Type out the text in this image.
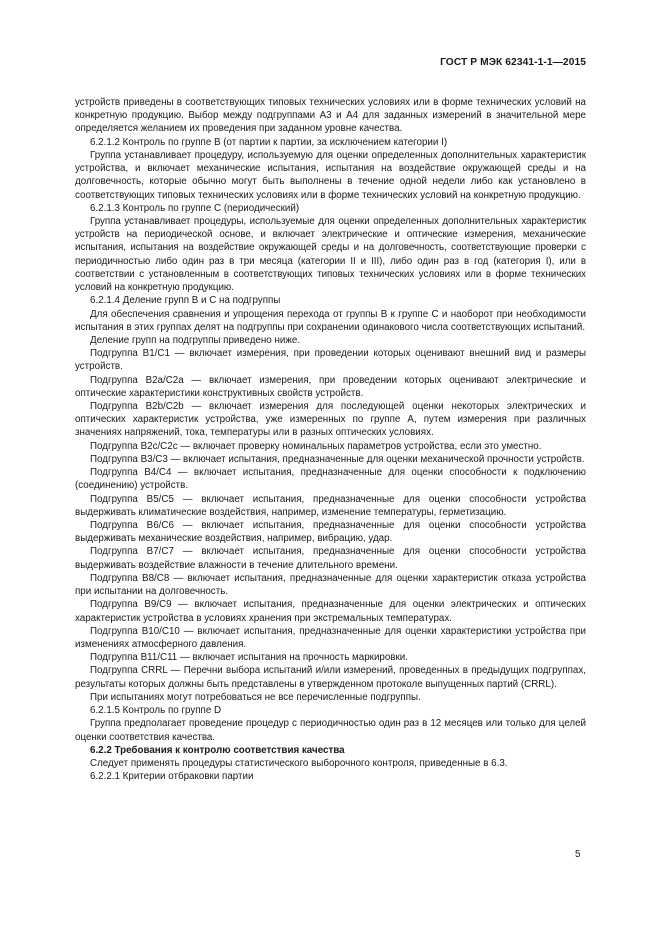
ГОСТ Р МЭК 62341-1-1—2015

устройств приведены в соответствующих типовых технических условиях или в форме технических условий на конкретную продукцию. Выбор между подгруппами А3 и А4 для заданных измерений в значительной мере определяется желанием их проведения при заданном уровне качества.

6.2.1.2 Контроль по группе В (от партии к партии, за исключением категории I)

Группа устанавливает процедуру, используемую для оценки определенных дополнительных характеристик устройства, и включает механические испытания, испытания на воздействие окружающей среды и на долговечность, которые обычно могут быть выполнены в течение одной недели либо как установлено в соответствующих типовых технических условиях или в форме технических условий на конкретную продукцию.

6.2.1.3 Контроль по группе С (периодический)

Группа устанавливает процедуры, используемые для оценки определенных дополнительных характеристик устройств на периодической основе, и включает электрические и оптические измерения, механические испытания, испытания на воздействие окружающей среды и на долговечность, соответствующие проверки с периодичностью либо один раз в три месяца (категории II и III), либо один раз в год (категория I), или в соответствии с установленным в соответствующих типовых технических условиях или в форме технических условий на конкретную продукцию.

6.2.1.4 Деление групп В и С на подгруппы

Для обеспечения сравнения и упрощения перехода от группы В к группе С и наоборот при необходимости испытания в этих группах делят на подгруппы при сохранении одинакового числа соответствующих испытаний.

Деление групп на подгруппы приведено ниже.

Подгруппа В1/С1 — включает измерения, при проведении которых оценивают внешний вид и размеры устройств.

Подгруппа В2а/С2а — включает измерения, при проведении которых оценивают электрические и оптические характеристики конструктивных свойств устройств.

Подгруппа В2b/С2b — включает измерения для последующей оценки некоторых электрических и оптических характеристик устройства, уже измеренных по группе А, путем измерения при различных значениях напряжений, тока, температуры или в разных оптических условиях.

Подгруппа В2с/С2с — включает проверку номинальных параметров устройства, если это уместно.

Подгруппа В3/С3 — включает испытания, предназначенные для оценки механической прочности устройств.

Подгруппа В4/С4 — включает испытания, предназначенные для оценки способности к подключению (соединению) устройств.

Подгруппа В5/С5 — включает испытания, предназначенные для оценки способности устройства выдерживать климатические воздействия, например, изменение температуры, герметизацию.

Подгруппа В6/С6 — включает испытания, предназначенные для оценки способности устройства выдерживать механические воздействия, например, вибрацию, удар.

Подгруппа В7/С7 — включает испытания, предназначенные для оценки способности устройства выдерживать воздействие влажности в течение длительного времени.

Подгруппа В8/С8 — включает испытания, предназначенные для оценки характеристик отказа устройства при испытании на долговечность.

Подгруппа В9/С9 — включает испытания, предназначенные для оценки электрических и оптических характеристик устройства в условиях хранения при экстремальных температурах.

Подгруппа В10/С10 — включает испытания, предназначенные для оценки характеристики устройства при изменениях атмосферного давления.

Подгруппа В11/С11 — включает испытания на прочность маркировки.

Подгруппа CRRL — Перечни выбора испытаний и/или измерений, проведенных в предыдущих подгруппах, результаты которых должны быть представлены в утвержденном протоколе выпущенных партий (CRRL).

При испытаниях могут потребоваться не все перечисленные подгруппы.

6.2.1.5 Контроль по группе D

Группа предполагает проведение процедур с периодичностью один раз в 12 месяцев или только для целей оценки соответствия качества.

6.2.2 Требования к контролю соответствия качества

Следует применять процедуры статистического выборочного контроля, приведенные в 6.3.

6.2.2.1 Критерии отбраковки партии

5
